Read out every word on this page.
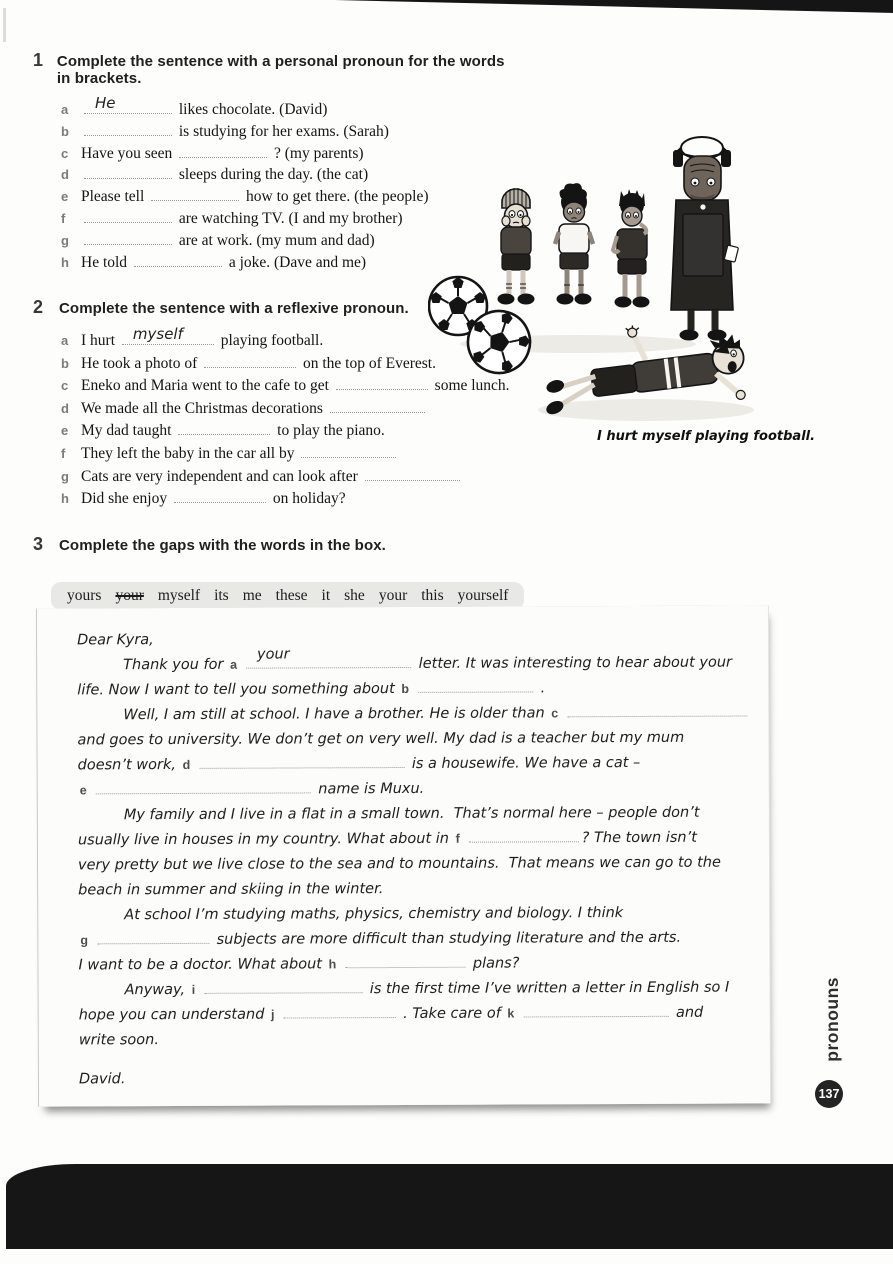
1 Complete the sentence with a personal pronoun for the words in brackets.
a	He	likes chocolate. (David)
b	is studying for her exams. (Sarah)
c Have you seen	? (my parents)
d	sleeps during the day. (the cat)
e Please tell	how to get there. (the people)
f	are watching TV. (I and my brother)
g	are at work. (my mum and dad)
h He told	a joke. (Dave and me)
2 Complete the sentence with a reflexive pronoun.
a I hurt myself playing football.
b He took a photo of	on the top of Everest.
c Eneko and Maria went to the cafe to get	some lunch.
d We made all the Christmas decorations
e My dad taught	to play the piano.
f	They left the baby in the car all by
g Cats are very independent and can look after
h Did she enjoy	on holiday?
3 Complete the gaps with the words in the box.
yours your myself its me these it she your this yourself
I hurt myself playing football.
Dear Kyra,
Thank you for a
your	letter. It was interesting to hear about your
life. Now I want to tell you something about b	.
Well, I am still at school. I have a brother. He is older than c
and goes to university. We don’t get on very well. My dad is a teacher but my mum
doesn’t work, d	is a housewife. We have a cat –
e	name is Muxu.
My family and I live in a flat in a small town.  That’s normal here – people don’t
usually live in houses in my country. What about in f	? The town isn’t
very pretty but we live close to the sea and to mountains.  That means we can go to the
beach in summer and skiing in the winter.
At school I’m studying maths, physics, chemistry and biology. I think
g	subjects are more difficult than studying literature and the arts.
I want to be a doctor. What about h	plans?
Anyway, i	is the first time I’ve written a letter in English so I
hope you can understand j	. Take care of k	and
write soon.
David.
pronouns
137
